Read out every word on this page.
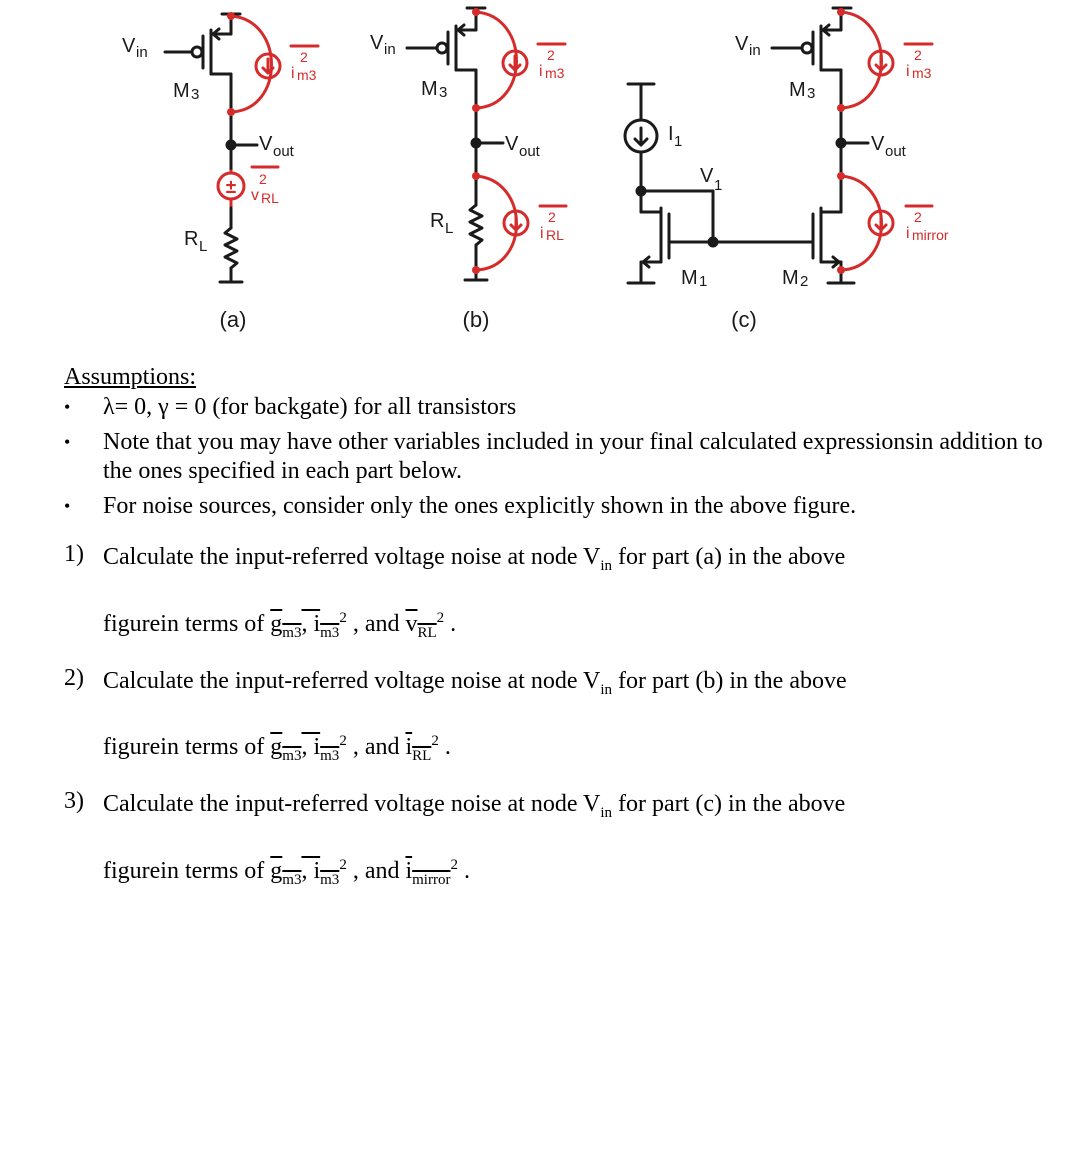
±
V in
M 3
V out
R L
2
i m3
2
v RL
(a)
V in
M 3
V out
R L
2
i m3
2
i RL
(b)
I 1
V 1
M 1	M 2
V in
M 3
V out
2
i m3
2
i mirror
(c)
Assumptions:
• λ= 0, γ = 0 (for backgate) for all transistors
• Note that you may have other variables included in your final calculated expressionsin addition to the ones specified in each part below.
• For noise sources, consider only the ones explicitly shown in the above figure.
1) Calculate the input-referred voltage noise at node $V_{in}$ for part (a) in the above
figurein terms of $g_{m3}$, $i_{m3}^2$ , and $v_{RL}^2$ .
2) Calculate the input-referred voltage noise at node $V_{in}$ for part (b) in the above
figurein terms of $g_{m3}$, $i_{m3}^2$ , and $i_{RL}^2$ .
3) Calculate the input-referred voltage noise at node $V_{in}$ for part (c) in the above
figurein terms of $g_{m3}$, $i_{m3}^2$ , and $i_{mirror}^2$ .
